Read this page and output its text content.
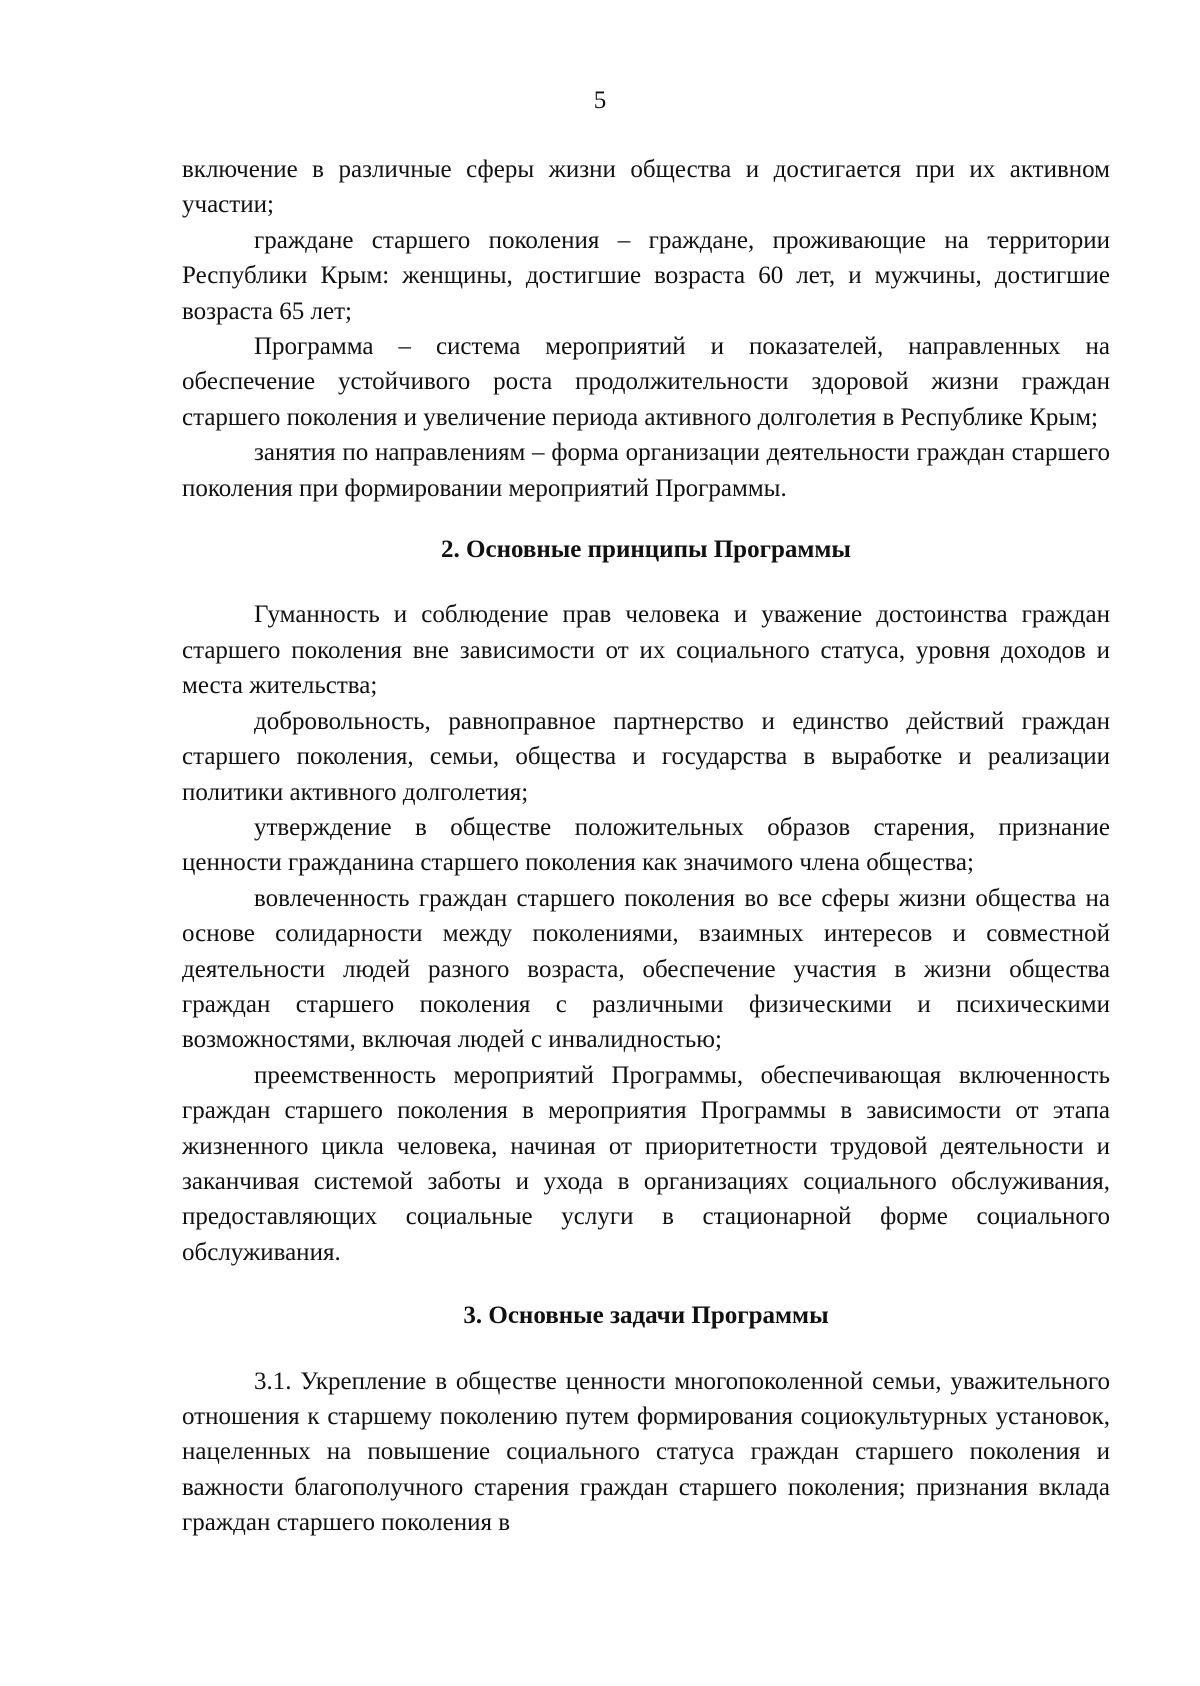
5

включение в различные сферы жизни общества и достигается при их активном участии;

граждане старшего поколения – граждане, проживающие на территории Республики Крым: женщины, достигшие возраста 60 лет, и мужчины, достигшие возраста 65 лет;

Программа – система мероприятий и показателей, направленных на обеспечение устойчивого роста продолжительности здоровой жизни граждан старшего поколения и увеличение периода активного долголетия в Республике Крым;

занятия по направлениям – форма организации деятельности граждан старшего поколения при формировании мероприятий Программы.

2. Основные принципы Программы

Гуманность и соблюдение прав человека и уважение достоинства граждан старшего поколения вне зависимости от их социального статуса, уровня доходов и места жительства;

добровольность, равноправное партнерство и единство действий граждан старшего поколения, семьи, общества и государства в выработке и реализации политики активного долголетия;

утверждение в обществе положительных образов старения, признание ценности гражданина старшего поколения как значимого члена общества;

вовлеченность граждан старшего поколения во все сферы жизни общества на основе солидарности между поколениями, взаимных интересов и совместной деятельности людей разного возраста, обеспечение участия в жизни общества граждан старшего поколения с различными физическими и психическими возможностями, включая людей с инвалидностью;

преемственность мероприятий Программы, обеспечивающая включенность граждан старшего поколения в мероприятия Программы в зависимости от этапа жизненного цикла человека, начиная от приоритетности трудовой деятельности и заканчивая системой заботы и ухода в организациях социального обслуживания, предоставляющих социальные услуги в стационарной форме социального обслуживания.

3. Основные задачи Программы

3.1. Укрепление в обществе ценности многопоколенной семьи, уважительного отношения к старшему поколению путем формирования социокультурных установок, нацеленных на повышение социального статуса граждан старшего поколения и важности благополучного старения граждан старшего поколения; признания вклада граждан старшего поколения в
